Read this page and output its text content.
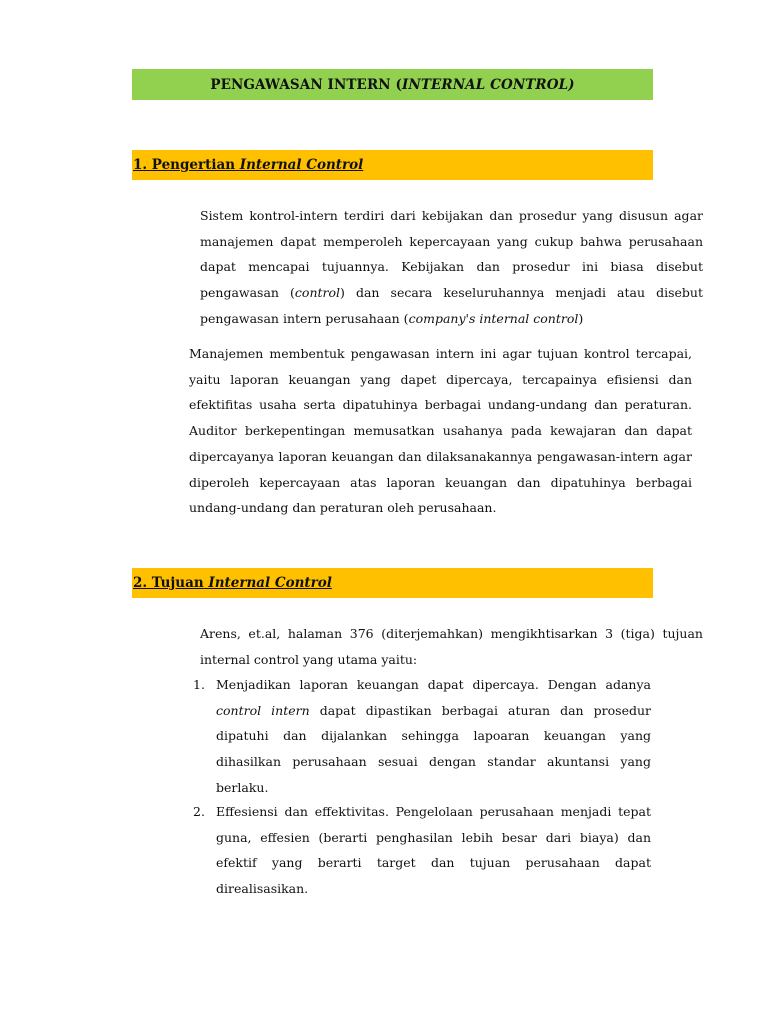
PENGAWASAN INTERN ( INTERNAL CONTROL)
1. Pengertian
Internal Control
Sistem kontrol-intern terdiri dari kebijakan dan prosedur yang disusun agar manajemen dapat memperoleh kepercayaan yang cukup bahwa perusahaan dapat mencapai tujuannya. Kebijakan dan prosedur ini biasa disebut pengawasan (control) dan secara keseluruhannya menjadi atau disebut pengawasan intern perusahaan (company's internal control)
Manajemen membentuk pengawasan intern ini agar tujuan kontrol tercapai, yaitu laporan keuangan yang dapet dipercaya, tercapainya efisiensi dan efektifitas usaha serta dipatuhinya berbagai undang-undang dan peraturan. Auditor berkepentingan memusatkan usahanya pada kewajaran dan dapat dipercayanya laporan keuangan dan dilaksanakannya pengawasan-intern agar diperoleh kepercayaan atas laporan keuangan dan dipatuhinya berbagai undang-undang dan peraturan oleh perusahaan.
2. Tujuan
Internal Control
Arens, et.al, halaman 376 (diterjemahkan) mengikhtisarkan 3 (tiga) tujuan internal control yang utama yaitu:
1. Menjadikan laporan keuangan dapat dipercaya. Dengan adanya control intern dapat dipastikan berbagai aturan dan prosedur dipatuhi dan dijalankan sehingga lapoaran keuangan yang dihasilkan perusahaan sesuai dengan standar akuntansi yang berlaku.
2. Effesiensi dan effektivitas. Pengelolaan perusahaan menjadi tepat guna, effesien (berarti penghasilan lebih besar dari biaya) dan efektif yang berarti target dan tujuan perusahaan dapat direalisasikan.
